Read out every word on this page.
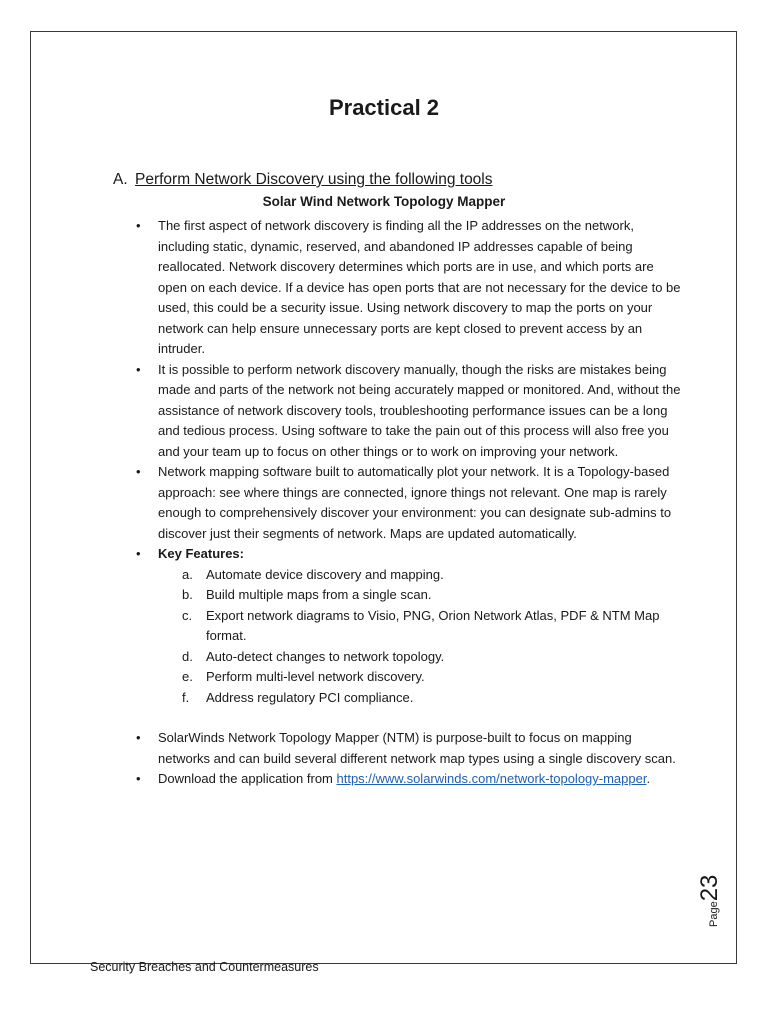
Practical 2
A. Perform Network Discovery using the following tools
Solar Wind Network Topology Mapper
•	The first aspect of network discovery is finding all the IP addresses on the network, including static, dynamic, reserved, and abandoned IP addresses capable of being reallocated. Network discovery determines which ports are in use, and which ports are open on each device. If a device has open ports that are not necessary for the device to be used, this could be a security issue. Using network discovery to map the ports on your network can help ensure unnecessary ports are kept closed to prevent access by an intruder.
•	It is possible to perform network discovery manually, though the risks are mistakes being made and parts of the network not being accurately mapped or monitored. And, without the assistance of network discovery tools, troubleshooting performance issues can be a long and tedious process. Using software to take the pain out of this process will also free you and your team up to focus on other things or to work on improving your network.
•	Network mapping software built to automatically plot your network. It is a Topology-based approach: see where things are connected, ignore things not relevant. One map is rarely enough to comprehensively discover your environment: you can designate sub-admins to discover just their segments of network. Maps are updated automatically.
•	Key Features:
a. Automate device discovery and mapping.
b. Build multiple maps from a single scan.
c. Export network diagrams to Visio, PNG, Orion Network Atlas, PDF & NTM Map format.
d. Auto-detect changes to network topology.
e. Perform multi-level network discovery.
f. Address regulatory PCI compliance.
•	SolarWinds Network Topology Mapper (NTM) is purpose-built to focus on mapping networks and can build several different network map types using a single discovery scan.
•	Download the application from https://www.solarwinds.com/network-topology-mapper.
Page23
Security Breaches and Countermeasures
